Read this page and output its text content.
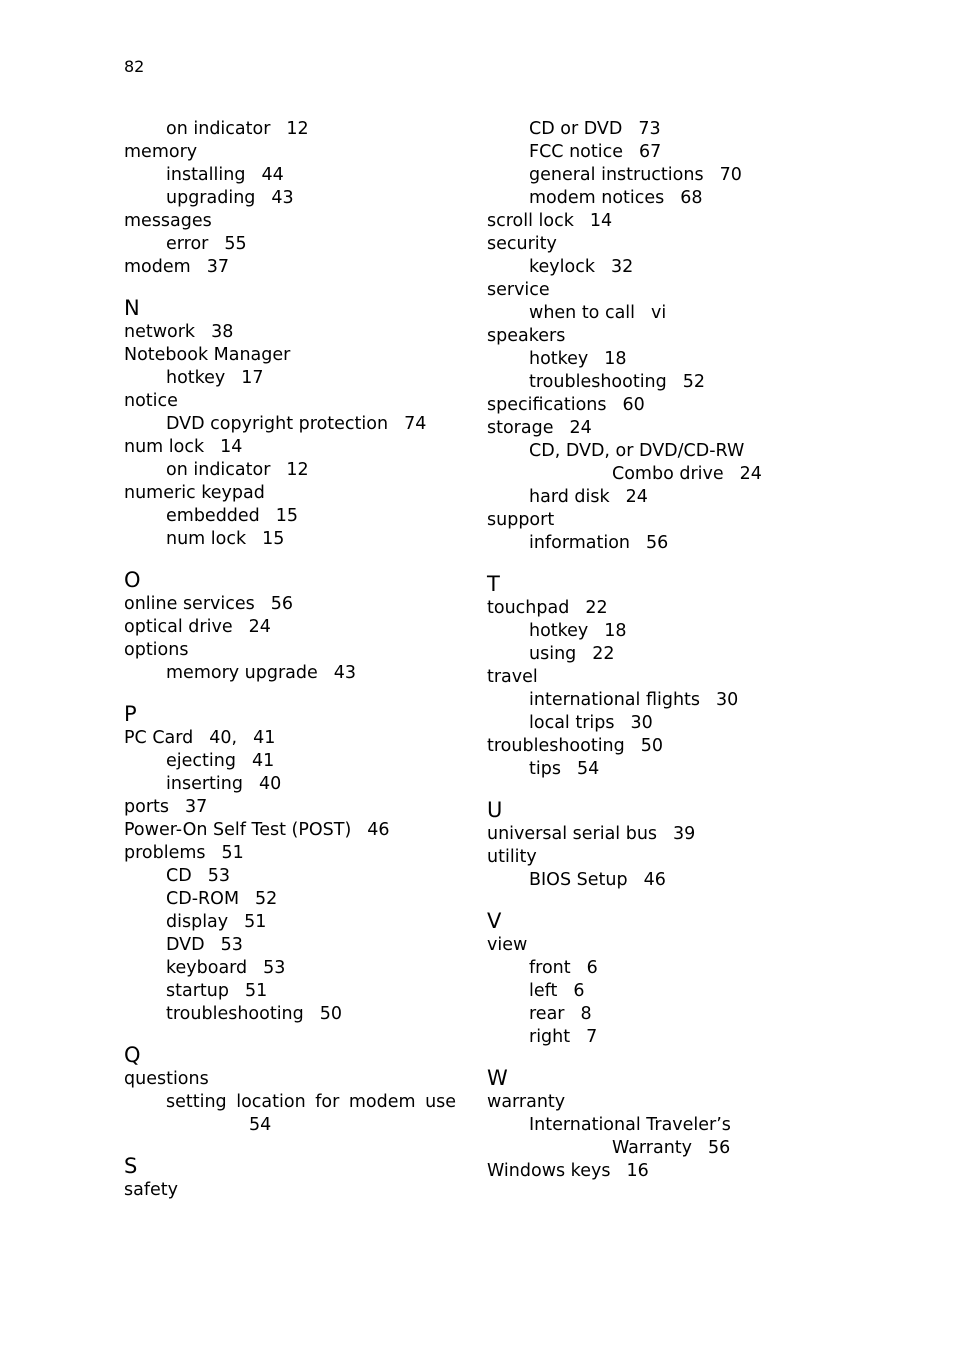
82
on indicator 12
memory
installing 44
upgrading 43
messages
error 55
modem 37
N
network 38
Notebook Manager
hotkey 17
notice
DVD copyright protection 74
num lock 14
on indicator 12
numeric keypad
embedded 15
num lock 15
O
online services 56
optical drive 24
options
memory upgrade 43
P
PC Card 40, 41
ejecting 41
inserting 40
ports 37
Power-On Self Test (POST) 46
problems 51
CD 53
CD-ROM 52
display 51
DVD 53
keyboard 53
startup 51
troubleshooting 50
Q
questions
setting location for modem use
54
S
safety
CD or DVD 73
FCC notice 67
general instructions 70
modem notices 68
scroll lock 14
security
keylock 32
service
when to call vi
speakers
hotkey 18
troubleshooting 52
specifications 60
storage 24
CD, DVD, or DVD/CD-RW
Combo drive 24
hard disk 24
support
information 56
T
touchpad 22
hotkey 18
using 22
travel
international flights 30
local trips 30
troubleshooting 50
tips 54
U
universal serial bus 39
utility
BIOS Setup 46
V
view
front 6
left 6
rear 8
right 7
W
warranty
International Traveler’s
Warranty 56
Windows keys 16
